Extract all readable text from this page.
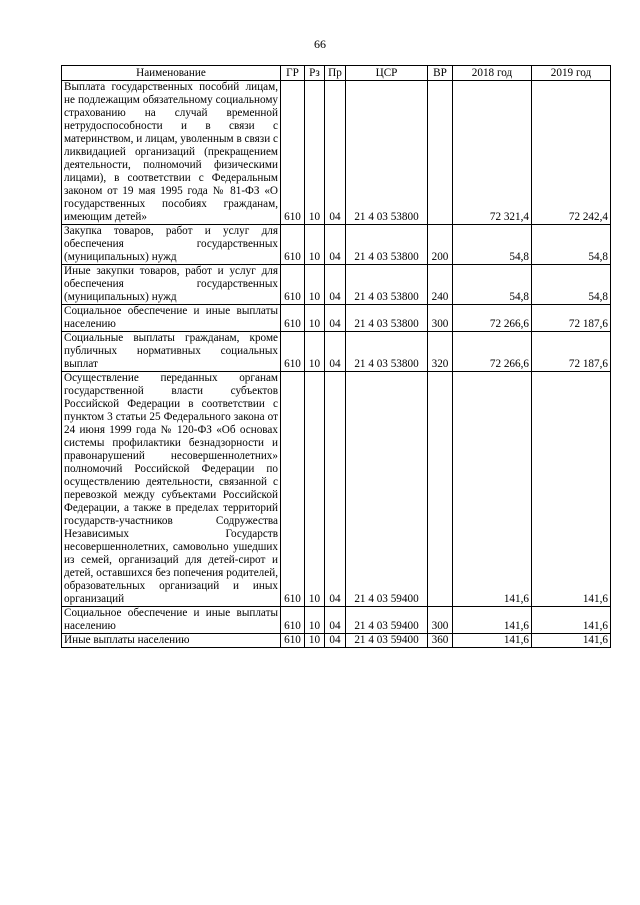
66
Наименование	ГР	Рз	Пр	ЦСР	ВР	2018 год	2019 год
Выплата государственных пособий лицам, не подлежащим обязательному социальному страхованию на случай временной нетрудоспособности и в связи с материнством, и лицам, уволенным в связи с ликвидацией организаций (прекращением деятельности, полномочий физическими лицами), в соответствии с Федеральным законом от 19 мая 1995 года № 81-ФЗ «О государственных пособиях гражданам, имеющим детей»	610	10	04	21 4 03 53800		72 321,4	72 242,4
Закупка товаров, работ и услуг для обеспечения государственных (муниципальных) нужд	610	10	04	21 4 03 53800	200	54,8	54,8
Иные закупки товаров, работ и услуг для обеспечения государственных (муниципальных) нужд	610	10	04	21 4 03 53800	240	54,8	54,8
Социальное обеспечение и иные выплаты населению	610	10	04	21 4 03 53800	300	72 266,6	72 187,6
Социальные выплаты гражданам, кроме публичных нормативных социальных выплат	610	10	04	21 4 03 53800	320	72 266,6	72 187,6
Осуществление переданных органам государственной власти субъектов Российской Федерации в соответствии с пунктом 3 статьи 25 Федерального закона от 24 июня 1999 года № 120-ФЗ «Об основах системы профилактики безнадзорности и правонарушений несовершеннолетних» полномочий Российской Федерации по осуществлению деятельности, связанной с перевозкой между субъектами Российской Федерации, а также в пределах территорий государств-участников Содружества Независимых Государств несовершеннолетних, самовольно ушедших из семей, организаций для детей-сирот и детей, оставшихся без попечения родителей, образовательных организаций и иных организаций	610	10	04	21 4 03 59400		141,6	141,6
Социальное обеспечение и иные выплаты населению	610	10	04	21 4 03 59400	300	141,6	141,6
Иные выплаты населению	610	10	04	21 4 03 59400	360	141,6	141,6
